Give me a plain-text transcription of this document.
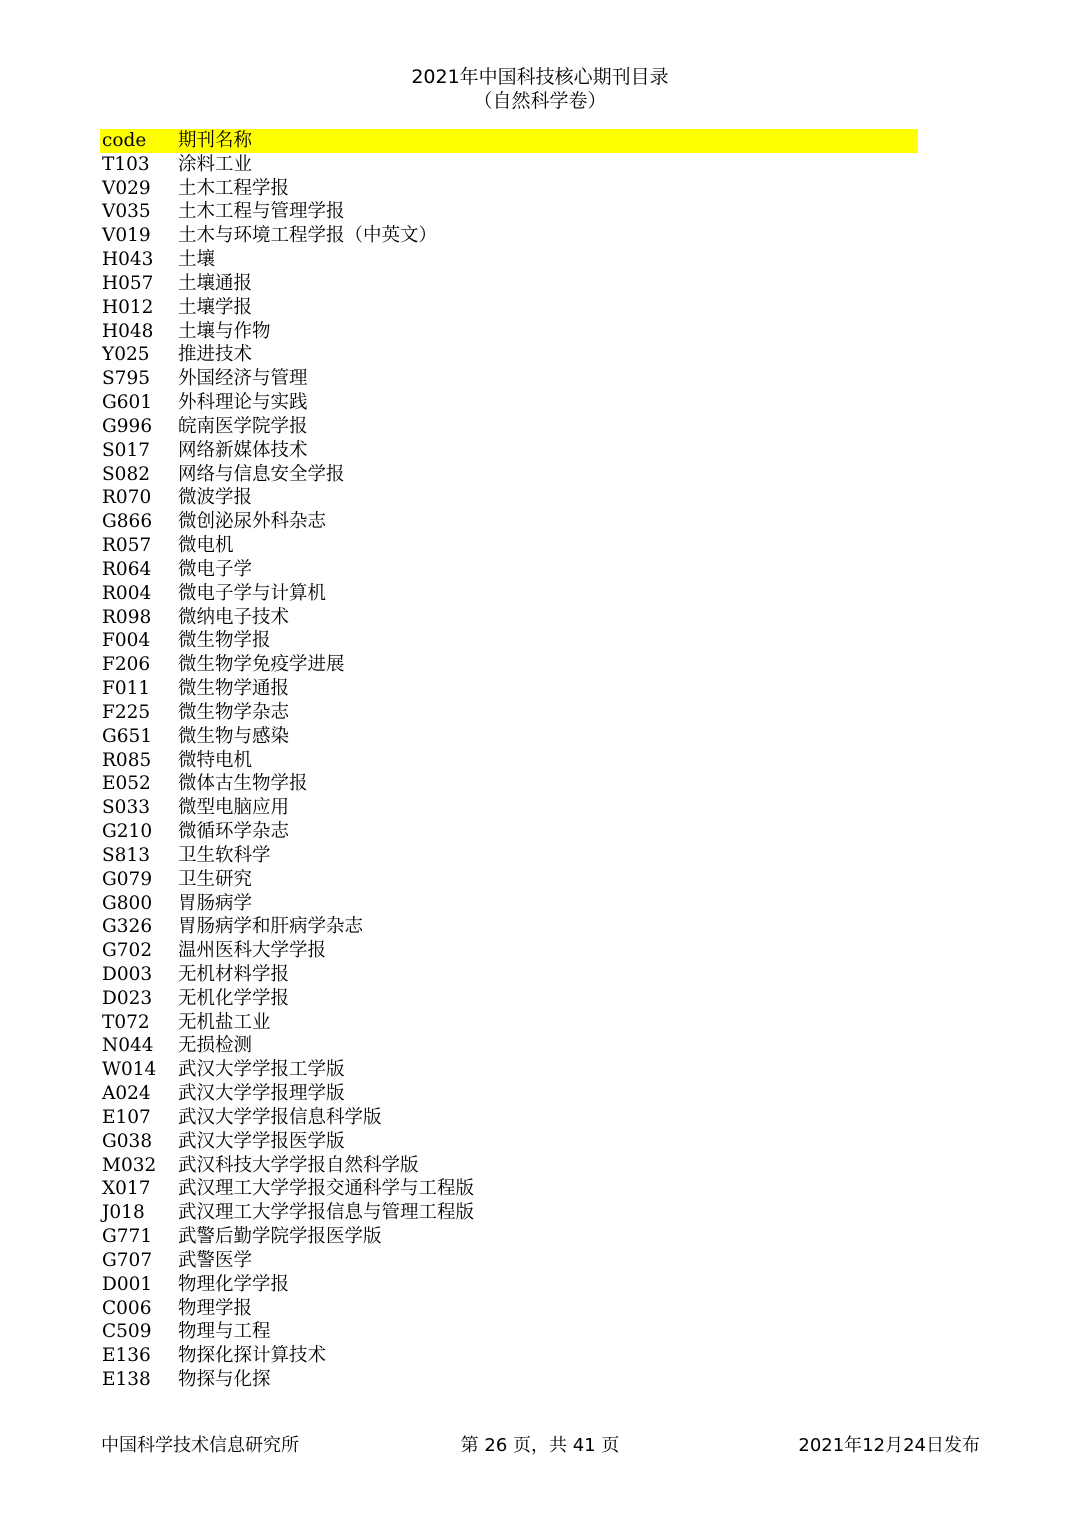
2021年中国科技核心期刊目录
（自然科学卷）
code	期刊名称
T103	涂料工业
V029	土木工程学报
V035	土木工程与管理学报
V019	土木与环境工程学报（中英文）
H043	土壤
H057	土壤通报
H012	土壤学报
H048	土壤与作物
Y025	推进技术
S795	外国经济与管理
G601	外科理论与实践
G996	皖南医学院学报
S017	网络新媒体技术
S082	网络与信息安全学报
R070	微波学报
G866	微创泌尿外科杂志
R057	微电机
R064	微电子学
R004	微电子学与计算机
R098	微纳电子技术
F004	微生物学报
F206	微生物学免疫学进展
F011	微生物学通报
F225	微生物学杂志
G651	微生物与感染
R085	微特电机
E052	微体古生物学报
S033	微型电脑应用
G210	微循环学杂志
S813	卫生软科学
G079	卫生研究
G800	胃肠病学
G326	胃肠病学和肝病学杂志
G702	温州医科大学学报
D003	无机材料学报
D023	无机化学学报
T072	无机盐工业
N044	无损检测
W014	武汉大学学报工学版
A024	武汉大学学报理学版
E107	武汉大学学报信息科学版
G038	武汉大学学报医学版
M032	武汉科技大学学报自然科学版
X017	武汉理工大学学报交通科学与工程版
J018	武汉理工大学学报信息与管理工程版
G771	武警后勤学院学报医学版
G707	武警医学
D001	物理化学学报
C006	物理学报
C509	物理与工程
E136	物探化探计算技术
E138	物探与化探
中国科学技术信息研究所	第 26 页，共 41 页	2021年12月24日发布
